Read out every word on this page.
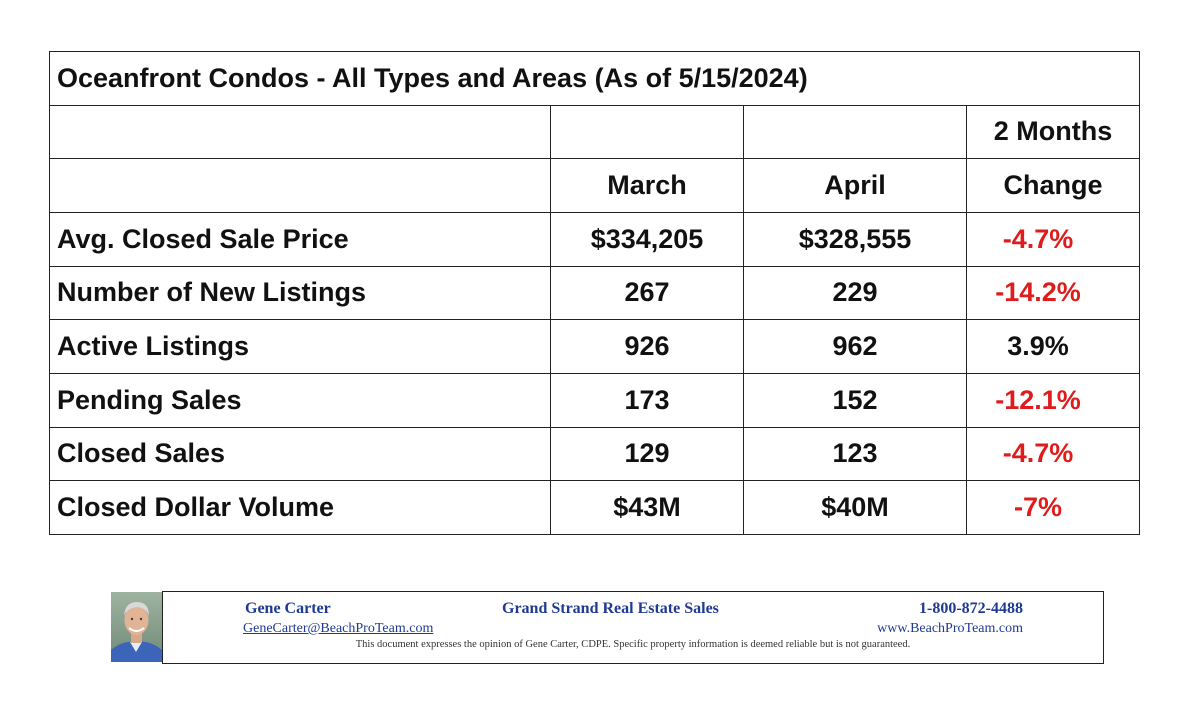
Oceanfront Condos - All Types and Areas (As of 5/15/2024)			
			2 Months
	March	April	Change
Avg. Closed Sale Price	$334,205	$328,555	-4.7%
Number of New Listings	267	229	-14.2%
Active Listings	926	962	3.9%
Pending Sales	173	152	-12.1%
Closed Sales	129	123	-4.7%
Closed Dollar Volume	$43M	$40M	-7%
Gene Carter
GeneCarter@BeachProTeam.com
Grand Strand Real Estate Sales	1-800-872-4488
www.BeachProTeam.com
This document expresses the opinion of Gene Carter, CDPE. Specific property information is deemed reliable but is not guaranteed.
